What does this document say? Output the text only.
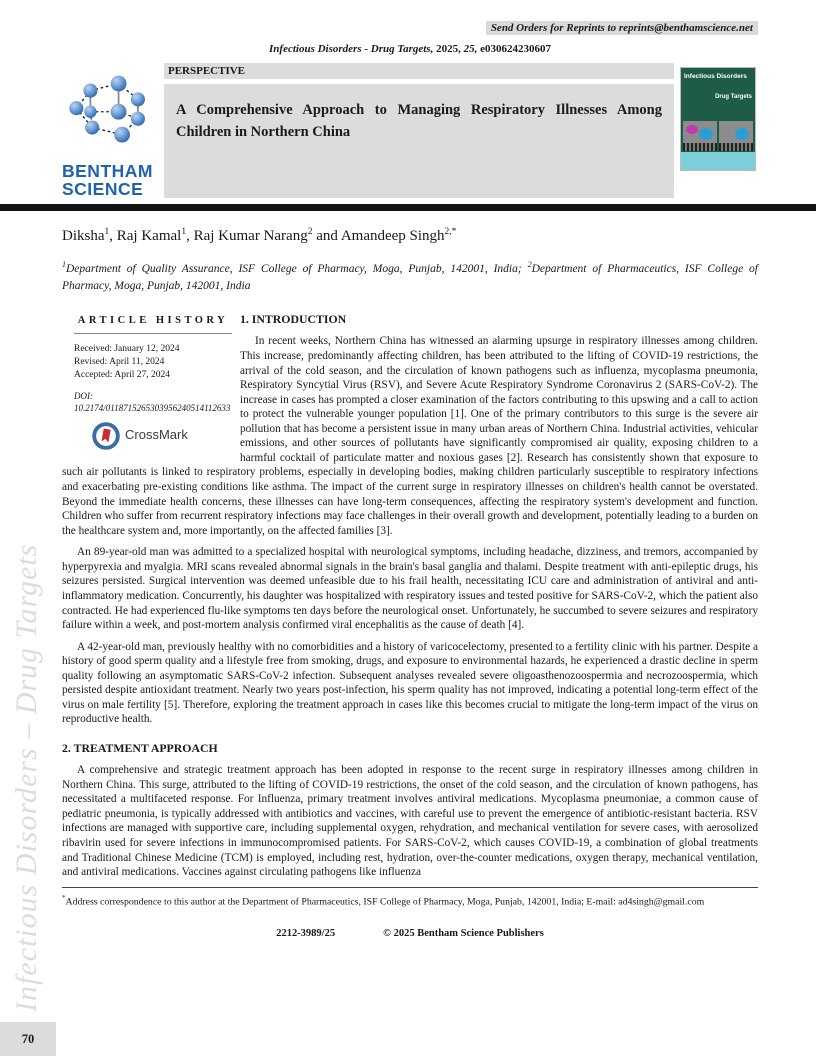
Infectious Disorders – Drug Targets
70
Send Orders for Reprints to reprints@benthamscience.net
Infectious Disorders - Drug Targets, 2025, 25, e030624230607
BENTHAM
SCIENCE
PERSPECTIVE
A Comprehensive Approach to Managing Respiratory Illnesses Among Children in Northern China
Infectious Disorders
Drug Targets
Diksha$^1$, Raj Kamal$^1$, Raj Kumar Narang$^2$ and Amandeep Singh$^{2,*}$
$^1$Department of Quality Assurance, ISF College of Pharmacy, Moga, Punjab, 142001, India; $^2$Department of Pharmaceutics, ISF College of Pharmacy, Moga, Punjab, 142001, India
ARTICLE HISTORY
Received: January 12, 2024
Revised: April 11, 2024
Accepted: April 27, 2024
DOI:
10.2174/0118715265303956240514112633
CrossMark
1. INTRODUCTION

In recent weeks, Northern China has witnessed an alarming upsurge in respiratory illnesses among children. This increase, predominantly affecting children, has been attributed to the lifting of COVID-19 restrictions, the arrival of the cold season, and the circulation of known pathogens such as influenza, mycoplasma pneumonia, Respiratory Syncytial Virus (RSV), and Severe Acute Respiratory Syndrome Coronavirus 2 (SARS-CoV-2). The increase in cases has prompted a closer examination of the factors contributing to this upswing and a call to action to protect the vulnerable younger population [1]. One of the primary contributors to this surge is the severe air pollution that has become a persistent issue in many urban areas of Northern China. Industrial activities, vehicular emissions, and other sources of pollutants have significantly compromised air quality, exposing children to a harmful cocktail of particulate matter and noxious gases [2]. Research has consistently shown that exposure to such air pollutants is linked to respiratory problems, especially in developing bodies, making children particularly susceptible to respiratory infections and exacerbating pre-existing conditions like asthma. The impact of the current surge in respiratory illnesses on children's health cannot be overstated. Beyond the immediate health concerns, these illnesses can have long-term consequences, affecting the respiratory system's development and function. Children who suffer from recurrent respiratory infections may face challenges in their overall growth and development, potentially leading to a burden on the healthcare system and, more importantly, on the affected families [3].

An 89-year-old man was admitted to a specialized hospital with neurological symptoms, including headache, dizziness, and tremors, accompanied by hyperpyrexia and myalgia. MRI scans revealed abnormal signals in the brain's basal ganglia and thalami. Despite treatment with anti-epileptic drugs, his seizures persisted. Surgical intervention was deemed unfeasible due to his frail health, necessitating ICU care and administration of antiviral and anti-inflammatory medication. Concurrently, his daughter was hospitalized with respiratory issues and tested positive for SARS-CoV-2, which the patient also contracted. He had experienced flu-like symptoms ten days before the neurological onset. Unfortunately, he succumbed to severe seizures and respiratory failure within a week, and post-mortem analysis confirmed viral encephalitis as the cause of death [4].

A 42-year-old man, previously healthy with no comorbidities and a history of varicocelectomy, presented to a fertility clinic with his partner. Despite a history of good sperm quality and a lifestyle free from smoking, drugs, and exposure to environmental hazards, he experienced a drastic decline in sperm quality following an asymptomatic SARS-CoV-2 infection. Subsequent analyses revealed severe oligoasthenozoospermia and necrozoospermia, which persisted despite antioxidant treatment. Nearly two years post-infection, his sperm quality has not improved, indicating a potential long-term effect of the virus on male fertility [5]. Therefore, exploring the treatment approach in cases like this becomes crucial to mitigate the long-term impact of the virus on reproductive health.

2. TREATMENT APPROACH

A comprehensive and strategic treatment approach has been adopted in response to the recent surge in respiratory illnesses among children in Northern China. This surge, attributed to the lifting of COVID-19 restrictions, the onset of the cold season, and the circulation of known pathogens, has necessitated a multifaceted response. For Influenza, primary treatment involves antiviral medications. Mycoplasma pneumoniae, a common cause of pediatric pneumonia, is typically addressed with antibiotics and vaccines, with careful use to prevent the emergence of antibiotic-resistant bacteria. RSV infections are managed with supportive care, including supplemental oxygen, rehydration, and mechanical ventilation for severe cases, with aerosolized ribavirin used for severe infections in immunocompromised patients. For SARS-CoV-2, which causes COVID-19, a combination of global treatments and Traditional Chinese Medicine (TCM) is employed, including rest, hydration, over-the-counter medications, oxygen therapy, mechanical ventilation, and antiviral medications. Vaccines against circulating pathogens like influenza

*Address correspondence to this author at the Department of Pharmaceutics, ISF College of Pharmacy, Moga, Punjab, 142001, India; E-mail: ad4singh@gmail.com
2212-3989/25	© 2025 Bentham Science Publishers
